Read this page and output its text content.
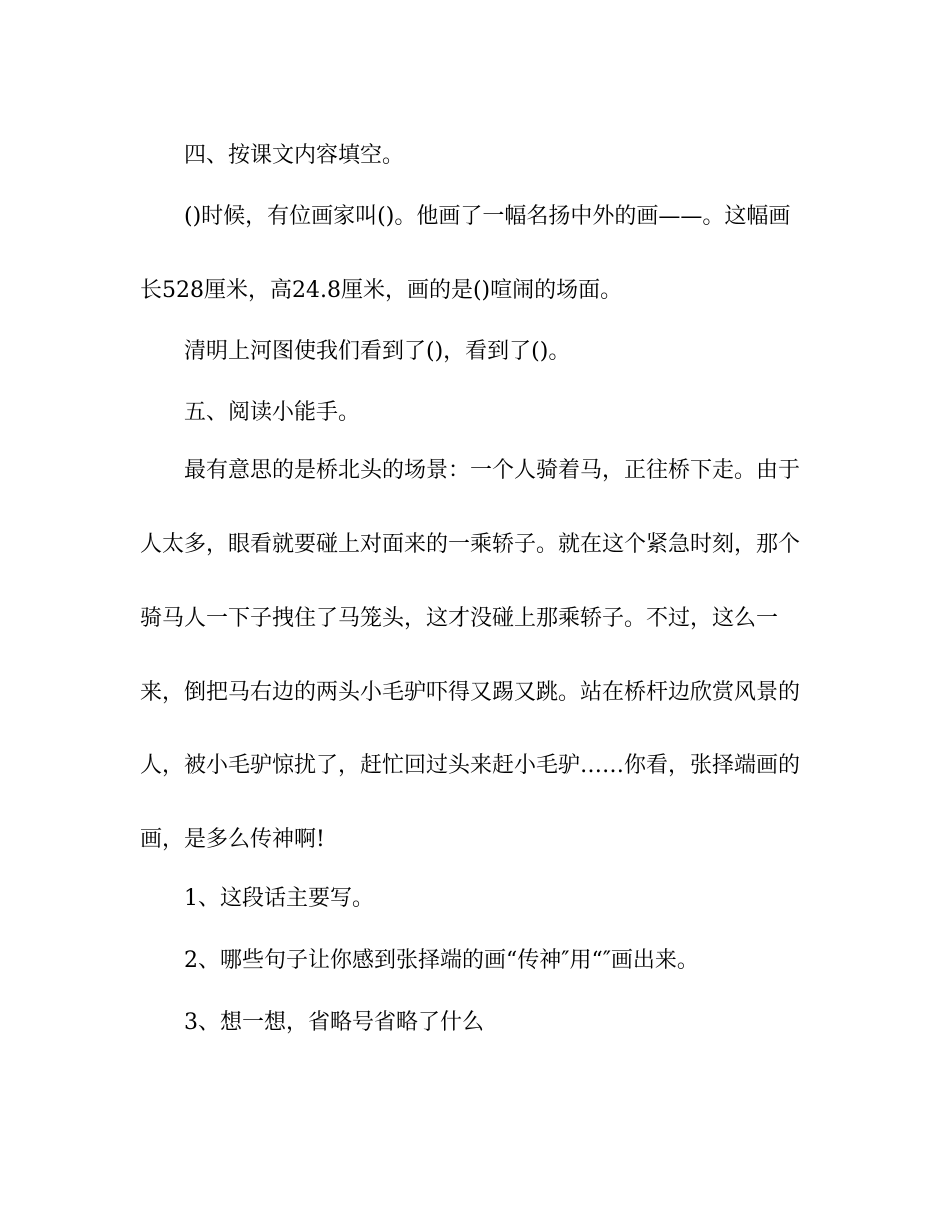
四、按课文内容填空。
()时候，有位画家叫()。他画了一幅名扬中外的画——。这幅画
长528厘米，高24.8厘米，画的是()喧闹的场面。
清明上河图使我们看到了()，看到了()。
五、阅读小能手。
最有意思的是桥北头的场景：一个人骑着马，正往桥下走。由于
人太多，眼看就要碰上对面来的一乘轿子。就在这个紧急时刻，那个
骑马人一下子拽住了马笼头，这才没碰上那乘轿子。不过，这么一
来，倒把马右边的两头小毛驴吓得又踢又跳。站在桥杆边欣赏风景的
人，被小毛驴惊扰了，赶忙回过头来赶小毛驴……你看，张择端画的
画，是多么传神啊!
1、这段话主要写。
2、哪些句子让你感到张择端的画“传神″用“″画出来。
3、想一想，省略号省略了什么
